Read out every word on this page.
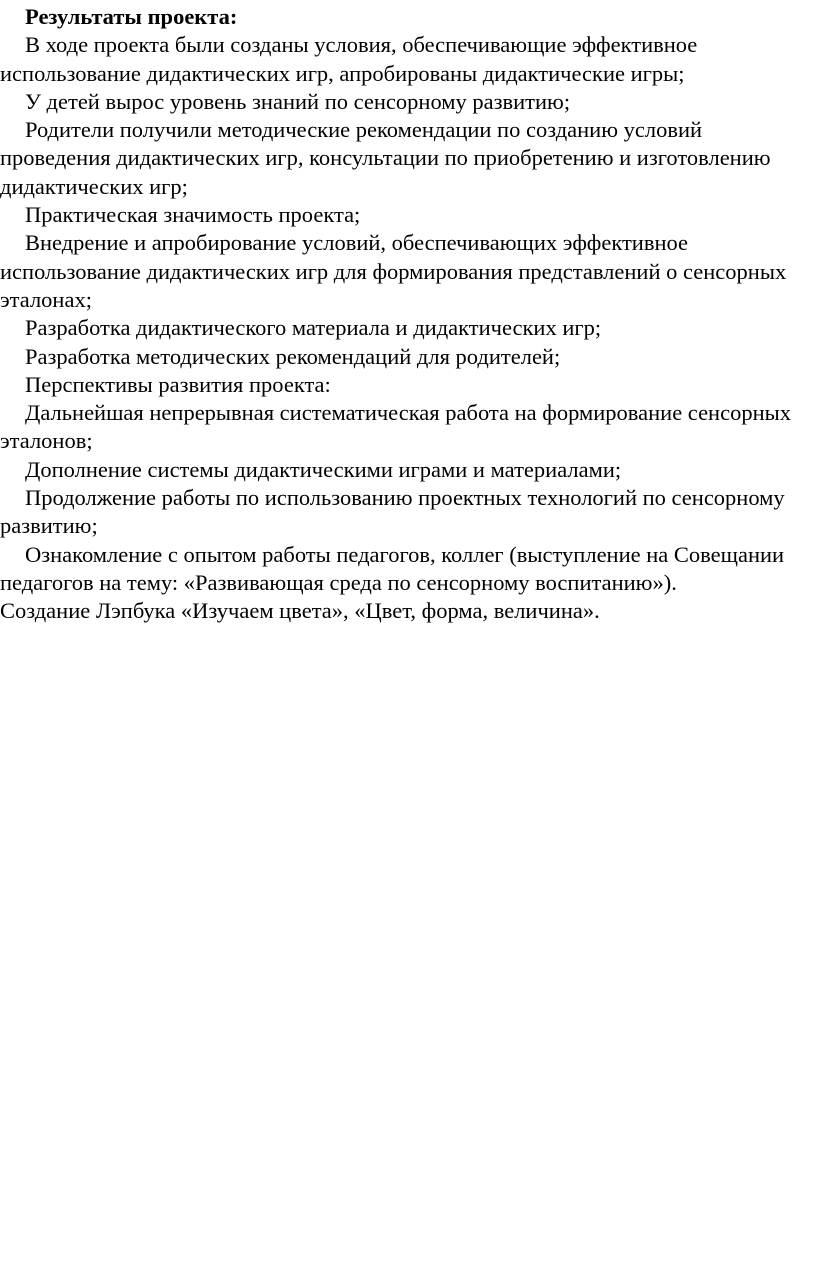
Результаты проекта:

В ходе проекта были созданы условия, обеспечивающие эффективное использование дидактических игр, апробированы дидактические игры;

У детей вырос уровень знаний по сенсорному развитию;

Родители получили методические рекомендации по созданию условий проведения дидактических игр, консультации по приобретению и изготовлению дидактических игр;

Практическая значимость проекта;

Внедрение и апробирование условий, обеспечивающих эффективное использование дидактических игр для формирования представлений о сенсорных эталонах;

Разработка дидактического материала и дидактических игр;

Разработка методических рекомендаций для родителей;

Перспективы развития проекта:

Дальнейшая непрерывная систематическая работа на формирование сенсорных эталонов;

Дополнение системы дидактическими играми и материалами;

Продолжение работы по использованию проектных технологий по сенсорному развитию;

Ознакомление с опытом работы педагогов, коллег (выступление на Совещании педагогов на тему: «Развивающая среда по сенсорному воспитанию»).

Создание Лэпбука «Изучаем цвета», «Цвет, форма, величина».
